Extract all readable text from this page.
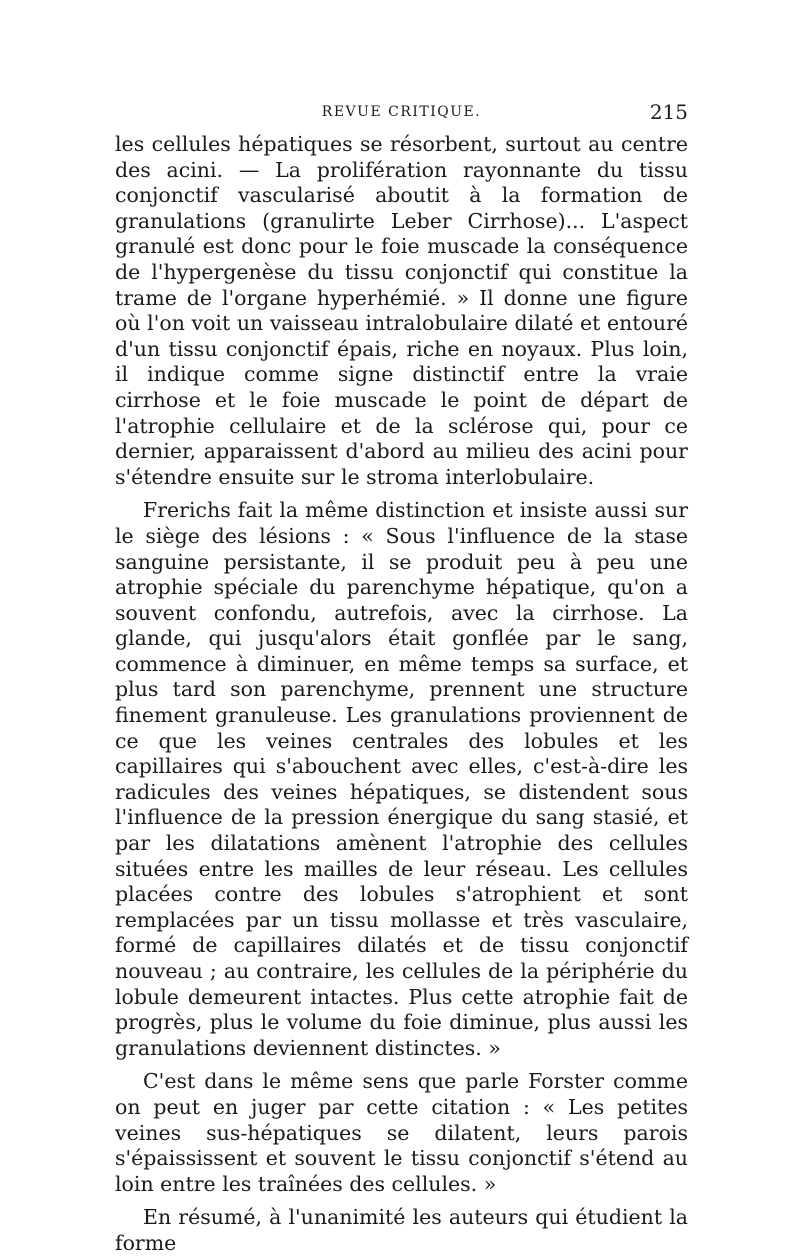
REVUE CRITIQUE.	215

les cellules hépatiques se résorbent, surtout au centre des acini. — La prolifération rayonnante du tissu conjonctif vascularisé aboutit à la formation de granulations (granulirte Leber Cirrhose)... L'aspect granulé est donc pour le foie muscade la conséquence de l'hypergenèse du tissu conjonctif qui constitue la trame de l'organe hyperhémié. » Il donne une figure où l'on voit un vaisseau intralobulaire dilaté et entouré d'un tissu conjonctif épais, riche en noyaux. Plus loin, il indique comme signe distinctif entre la vraie cirrhose et le foie muscade le point de départ de l'atrophie cellulaire et de la sclérose qui, pour ce dernier, apparaissent d'abord au milieu des acini pour s'étendre ensuite sur le stroma interlobulaire.

Frerichs fait la même distinction et insiste aussi sur le siège des lésions : « Sous l'influence de la stase sanguine persistante, il se produit peu à peu une atrophie spéciale du parenchyme hépatique, qu'on a souvent confondu, autrefois, avec la cirrhose. La glande, qui jusqu'alors était gonflée par le sang, commence à diminuer, en même temps sa surface, et plus tard son parenchyme, prennent une structure finement granuleuse. Les granulations proviennent de ce que les veines centrales des lobules et les capillaires qui s'abouchent avec elles, c'est-à-dire les radicules des veines hépatiques, se distendent sous l'influence de la pression énergique du sang stasié, et par les dilatations amènent l'atrophie des cellules situées entre les mailles de leur réseau. Les cellules placées contre des lobules s'atrophient et sont remplacées par un tissu mollasse et très vasculaire, formé de capillaires dilatés et de tissu conjonctif nouveau ; au contraire, les cellules de la périphérie du lobule demeurent intactes. Plus cette atrophie fait de progrès, plus le volume du foie diminue, plus aussi les granulations deviennent distinctes. »

C'est dans le même sens que parle Forster comme on peut en juger par cette citation : « Les petites veines sus-hépatiques se dilatent, leurs parois s'épaississent et souvent le tissu conjonctif s'étend au loin entre les traînées des cellules. »

En résumé, à l'unanimité les auteurs qui étudient la forme
